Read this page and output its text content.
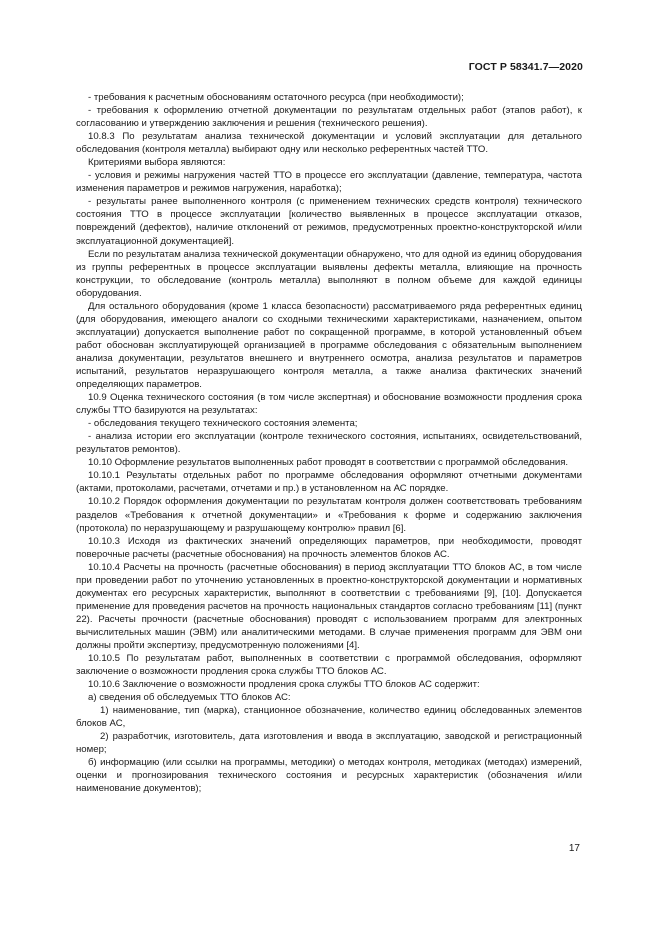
ГОСТ Р 58341.7—2020

- требования к расчетным обоснованиям остаточного ресурса (при необходимости);

- требования к оформлению отчетной документации по результатам отдельных работ (этапов работ), к согласованию и утверждению заключения и решения (технического решения).

10.8.3 По результатам анализа технической документации и условий эксплуатации для детального обследования (контроля металла) выбирают одну или несколько референтных частей ТТО.

Критериями выбора являются:

- условия и режимы нагружения частей ТТО в процессе его эксплуатации (давление, температура, частота изменения параметров и режимов нагружения, наработка);

- результаты ранее выполненного контроля (с применением технических средств контроля) технического состояния ТТО в процессе эксплуатации [количество выявленных в процессе эксплуатации отказов, повреждений (дефектов), наличие отклонений от режимов, предусмотренных проектно-конструкторской и/или эксплуатационной документацией].

Если по результатам анализа технической документации обнаружено, что для одной из единиц оборудования из группы референтных в процессе эксплуатации выявлены дефекты металла, влияющие на прочность конструкции, то обследование (контроль металла) выполняют в полном объеме для каждой единицы оборудования.

Для остального оборудования (кроме 1 класса безопасности) рассматриваемого ряда референтных единиц (для оборудования, имеющего аналоги со сходными техническими характеристиками, назначением, опытом эксплуатации) допускается выполнение работ по сокращенной программе, в которой установленный объем работ обоснован эксплуатирующей организацией в программе обследования с обязательным выполнением анализа документации, результатов внешнего и внутреннего осмотра, анализа результатов и параметров испытаний, результатов неразрушающего контроля металла, а также анализа фактических значений определяющих параметров.

10.9 Оценка технического состояния (в том числе экспертная) и обоснование возможности продления срока службы ТТО базируются на результатах:

- обследования текущего технического состояния элемента;

- анализа истории его эксплуатации (контроле технического состояния, испытаниях, освидетельствований, результатов ремонтов).

10.10 Оформление результатов выполненных работ проводят в соответствии с программой обследования.

10.10.1 Результаты отдельных работ по программе обследования оформляют отчетными документами (актами, протоколами, расчетами, отчетами и пр.) в установленном на АС порядке.

10.10.2 Порядок оформления документации по результатам контроля должен соответствовать требованиям разделов «Требования к отчетной документации» и «Требования к форме и содержанию заключения (протокола) по неразрушающему и разрушающему контролю» правил [6].

10.10.3 Исходя из фактических значений определяющих параметров, при необходимости, проводят поверочные расчеты (расчетные обоснования) на прочность элементов блоков АС.

10.10.4 Расчеты на прочность (расчетные обоснования) в период эксплуатации ТТО блоков АС, в том числе при проведении работ по уточнению установленных в проектно-конструкторской документации и нормативных документах его ресурсных характеристик, выполняют в соответствии с требованиями [9], [10]. Допускается применение для проведения расчетов на прочность национальных стандартов согласно требованиям [11] (пункт 22). Расчеты прочности (расчетные обоснования) проводят с использованием программ для электронных вычислительных машин (ЭВМ) или аналитическими методами. В случае применения программ для ЭВМ они должны пройти экспертизу, предусмотренную положениями [4].

10.10.5 По результатам работ, выполненных в соответствии с программой обследования, оформляют заключение о возможности продления срока службы ТТО блоков АС.

10.10.6 Заключение о возможности продления срока службы ТТО блоков АС содержит:

а) сведения об обследуемых ТТО блоков АС:

1) наименование, тип (марка), станционное обозначение, количество единиц обследованных элементов блоков АС,

2) разработчик, изготовитель, дата изготовления и ввода в эксплуатацию, заводской и регистрационный номер;

б) информацию (или ссылки на программы, методики) о методах контроля, методиках (методах) измерений, оценки и прогнозирования технического состояния и ресурсных характеристик (обозначения и/или наименование документов);

17
